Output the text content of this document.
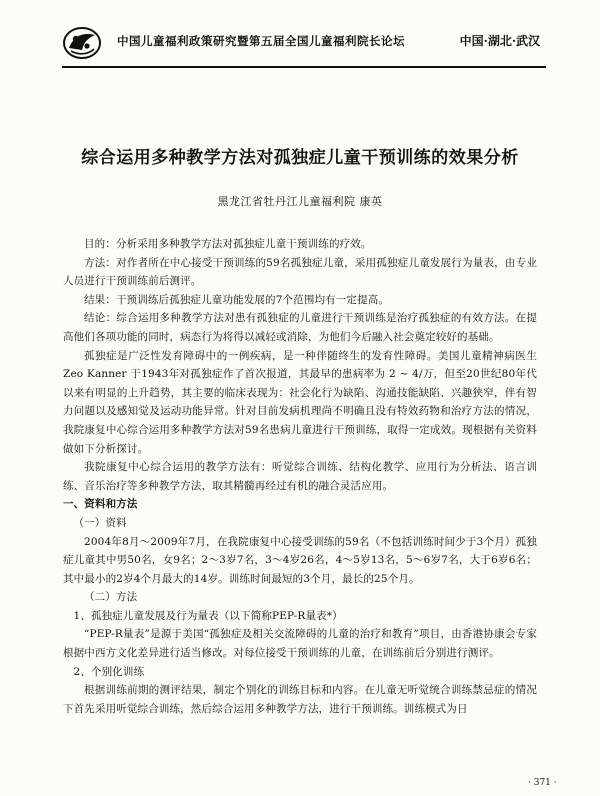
中国儿童福利政策研究暨第五届全国儿童福利院长论坛	中国·湖北·武汉
综合运用多种教学方法对孤独症儿童干预训练的效果分析
黑龙江省牡丹江儿童福利院 康英

目的：分析采用多种教学方法对孤独症儿童干预训练的疗效。

方法：对作者所在中心接受干预训练的59名孤独症儿童，采用孤独症儿童发展行为量表，由专业人员进行干预训练前后测评。

结果：干预训练后孤独症儿童功能发展的7个范围均有一定提高。

结论：综合运用多种教学方法对患有孤独症的儿童进行干预训练是治疗孤独症的有效方法。在提高他们各项功能的同时，病态行为将得以减轻或消除，为他们今后融入社会奠定较好的基础。

孤独症是广泛性发育障碍中的一例疾病，是一种伴随终生的发育性障碍。美国儿童精神病医生 Zeo Kanner 于1943年对孤独症作了首次报道，其最早的患病率为 2 ~ 4/万，但至20世纪80年代以来有明显的上升趋势，其主要的临床表现为：社会化行为缺陷、沟通技能缺陷、兴趣狭窄，伴有智力问题以及感知觉及运动功能异常。针对目前发病机理尚不明确且没有特效药物和治疗方法的情况，我院康复中心综合运用多种教学方法对59名患病儿童进行干预训练，取得一定成效。现根据有关资料做如下分析探讨。

我院康复中心综合运用的教学方法有：听觉综合训练、结构化教学、应用行为分析法、语言训练、音乐治疗等多种教学方法，取其精髓再经过有机的融合灵活应用。

一、资料和方法

（一）资料

2004年8月～2009年7月，在我院康复中心接受训练的59名（不包括训练时间少于3个月）孤独症儿童其中男50名，女9名；2～3岁7名，3～4岁26名，4～5岁13名，5～6岁7名，大于6岁6名；其中最小的2岁4个月最大的14岁。训练时间最短的3个月，最长的25个月。

（二）方法

1、孤独症儿童发展及行为量表（以下简称PEP-R量表*）

“PEP-R量表”是源于美国“孤独症及相关交流障碍的儿童的治疗和教育”项目，由香港协康会专家根据中西方文化差异进行适当修改。对每位接受干预训练的儿童，在训练前后分别进行测评。

2、个别化训练

根据训练前期的测评结果，制定个别化的训练目标和内容。在儿童无听觉统合训练禁忌症的情况下首先采用听觉综合训练，然后综合运用多种教学方法，进行干预训练。训练模式为日

· 371 ·
